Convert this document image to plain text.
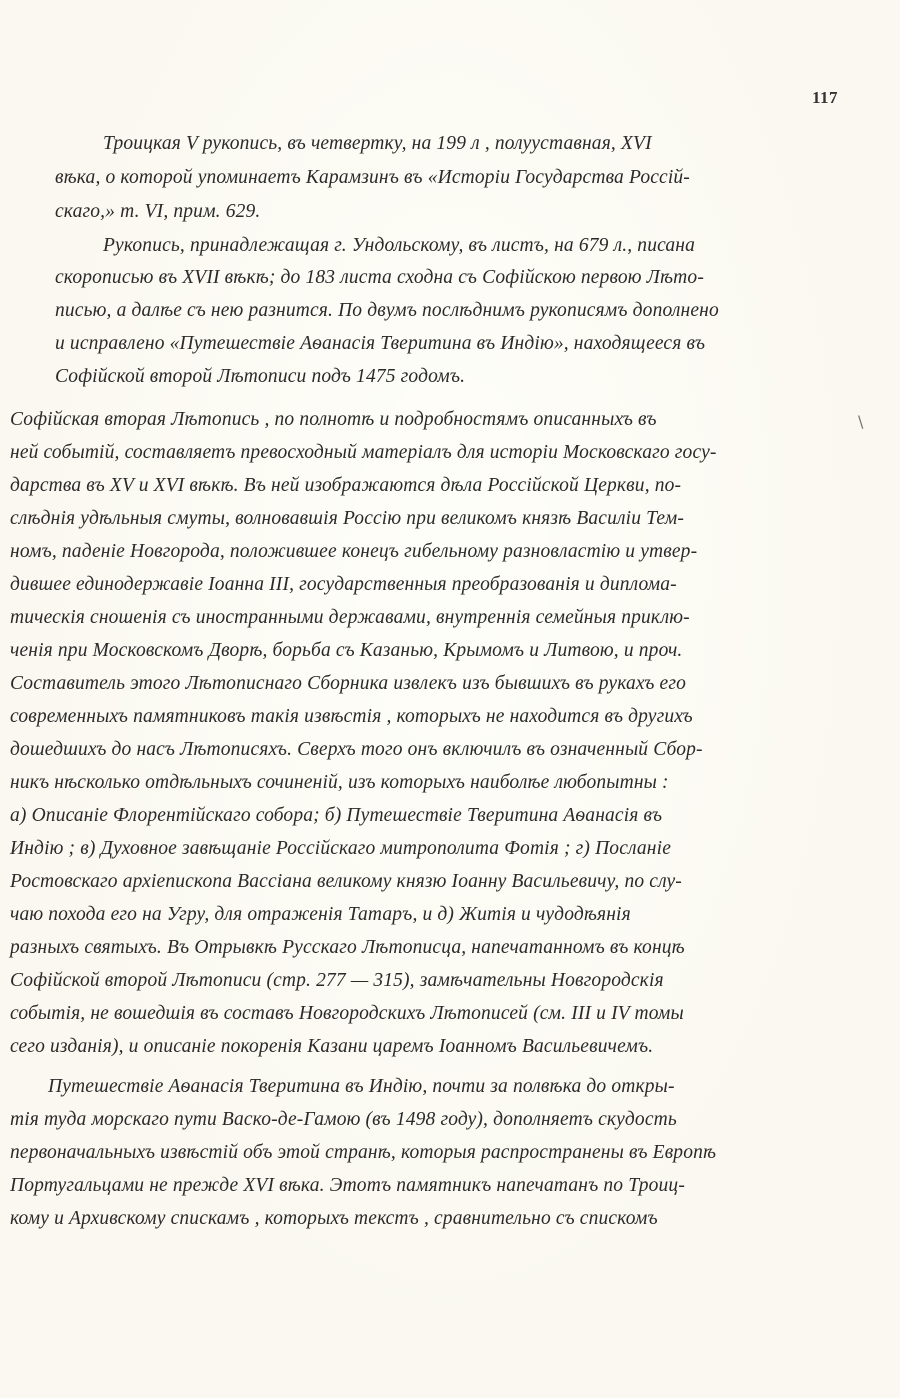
117
\
Троицкая V рукопись, въ четвертку, на 199 л , полууставная, XVI
вѣка, о которой упоминаетъ Карамзинъ въ «Исторіи Государства Россій-
скаго,» т. VI, прим. 629.
Рукопись, принадлежащая г. Ундольскому, въ листъ, на 679 л., писана
скорописью въ XVII вѣкѣ; до 183 листа сходна съ Софійскою первою Лѣто-
писью, а далѣе съ нею разнится. По двумъ послѣднимъ рукописямъ дополнено
и исправлено «Путешествіе Аѳанасія Тверитина въ Индію», находящееся въ
Софійской второй Лѣтописи подъ 1475 годомъ.
Софійская вторая Лѣтопись , по полнотѣ и подробностямъ описанныхъ въ
ней событій, составляетъ превосходный матеріалъ для исторіи Московскаго госу-
дарства въ XV и XVI вѣкѣ. Въ ней изображаются дѣла Россійской Церкви, по-
слѣднія удѣльныя смуты, волновавшія Россію при великомъ князѣ Василіи Тем-
номъ, паденіе Новгорода, положившее конецъ гибельному разновластію и утвер-
дившее единодержавіе Іоанна III, государственныя преобразованія и диплома-
тическія сношенія съ иностранными державами, внутреннія семейныя приклю-
ченія при Московскомъ Дворѣ, борьба съ Казанью, Крымомъ и Литвою, и проч.
Составитель этого Лѣтописнаго Сборника извлекъ изъ бывшихъ въ рукахъ его
современныхъ памятниковъ такія извѣстія , которыхъ не находится въ другихъ
дошедшихъ до насъ Лѣтописяхъ. Сверхъ того онъ включилъ въ означенный Сбор-
никъ нѣсколько отдѣльныхъ сочиненій, изъ которыхъ наиболѣе любопытны :
а) Описаніе Флорентійскаго собора; б) Путешествіе Тверитина Аѳанасія въ
Индію ; в) Духовное завѣщаніе Россійскаго митрополита Фотія ; г) Посланіе
Ростовскаго архіепископа Вассіана великому князю Іоанну Васильевичу, по слу-
чаю похода его на Угру, для отраженія Татаръ, и д) Житія и чудодѣянія
разныхъ святыхъ. Въ Отрывкѣ Русскаго Лѣтописца, напечатанномъ въ концѣ
Софійской второй Лѣтописи (стр. 277 — 315), замѣчательны Новгородскія
событія, не вошедшія въ составъ Новгородскихъ Лѣтописей (см. III и IV томы
сего изданія), и описаніе покоренія Казани царемъ Іоанномъ Васильевичемъ.
Путешествіе Аѳанасія Тверитина въ Индію, почти за полвѣка до откры-
тія туда морскаго пути Васко-де-Гамою (въ 1498 году), дополняетъ скудость
первоначальныхъ извѣстій объ этой странѣ, которыя распространены въ Европѣ
Португальцами не прежде XVI вѣка. Этотъ памятникъ напечатанъ по Троиц-
кому и Архивскому спискамъ , которыхъ текстъ , сравнительно съ спискомъ
